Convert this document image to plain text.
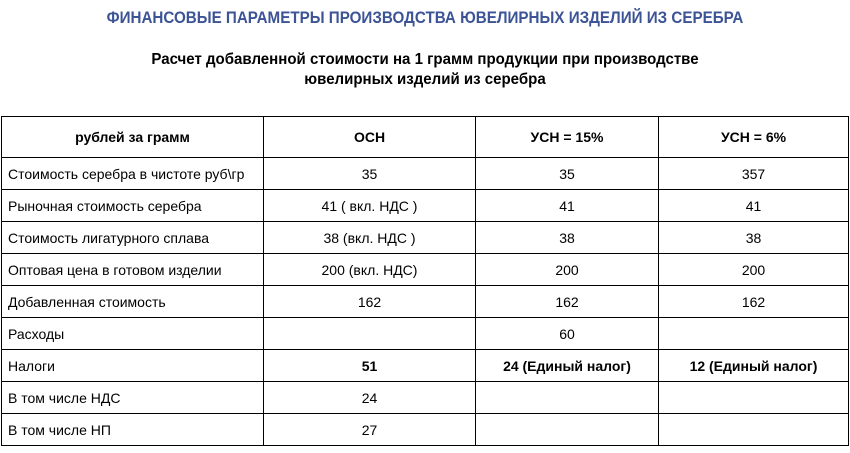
ФИНАНСОВЫЕ ПАРАМЕТРЫ ПРОИЗВОДСТВА ЮВЕЛИРНЫХ ИЗДЕЛИЙ ИЗ СЕРЕБРА
Расчет добавленной стоимости на 1 грамм продукции при производстве
ювелирных изделий из серебра
рублей за грамм	ОСН	УСН = 15%	УСН = 6%
Стоимость серебра в чистоте руб\гр	35	35	357
Рыночная стоимость серебра	41 ( вкл. НДС )	41	41
Стоимость лигатурного сплава	38 (вкл. НДС )	38	38
Оптовая цена в готовом изделии	200 (вкл. НДС)	200	200
Добавленная стоимость	162	162	162
Расходы		60	
Налоги	51	24 (Единый налог)	12 (Единый налог)
В том числе НДС	24		
В том числе НП	27		
